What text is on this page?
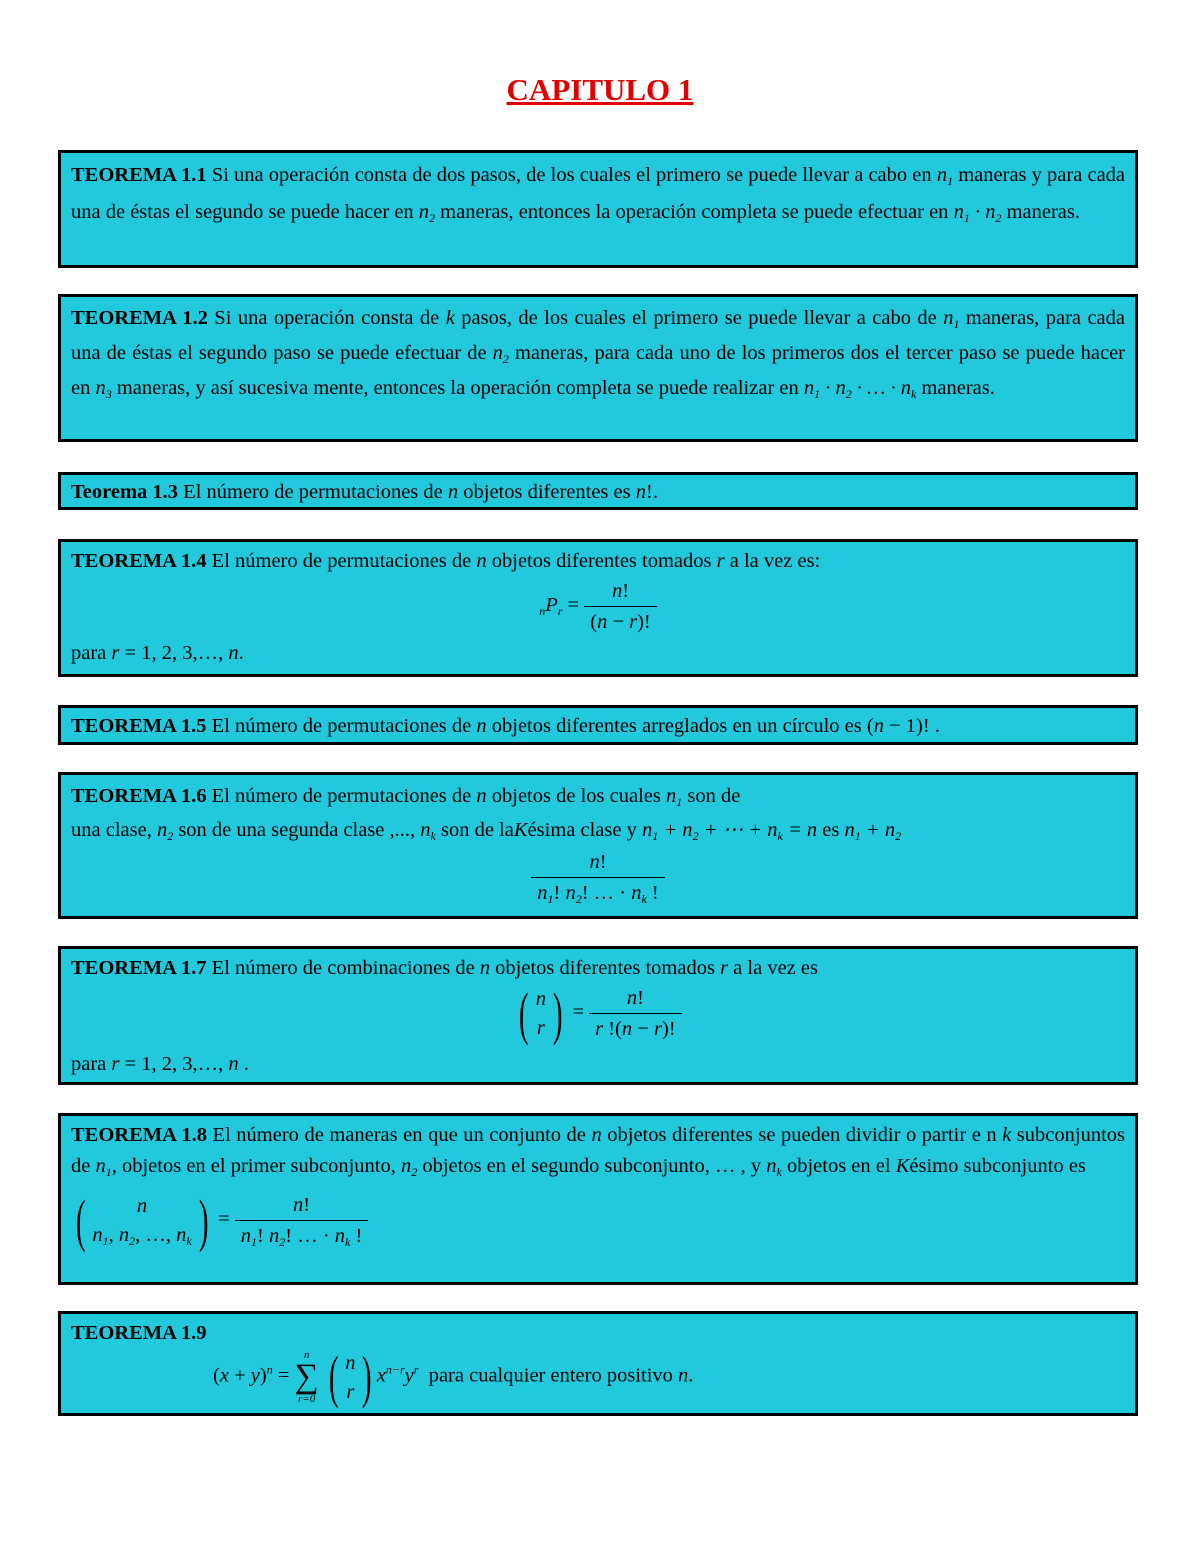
CAPITULO 1
TEOREMA 1.1 Si una operación consta de dos pasos, de los cuales el primero se puede llevar a cabo en $n_1$ maneras y para cada una de éstas el segundo se puede hacer en $n_2$ maneras, entonces la operación completa se puede efectuar en $n_1 \cdot n_2$ maneras.
TEOREMA 1.2 Si una operación consta de k pasos, de los cuales el primero se puede llevar a cabo de $n_1$ maneras, para cada una de éstas el segundo paso se puede efectuar de $n_2$ maneras, para cada uno de los primeros dos el tercer paso se puede hacer en $n_3$ maneras, y así sucesiva mente, entonces la operación completa se puede realizar en $n_1 \cdot n_2$ · … · $n_k$ maneras.
Teorema 1.3 El número de permutaciones de n objetos diferentes es n!.
TEOREMA 1.4 El número de permutaciones de n objetos diferentes tomados r a la vez es:
$_nP_r = \frac{n!}{(n - r)!}$
para r = 1, 2, 3,…, n.
TEOREMA 1.5 El número de permutaciones de n objetos diferentes arreglados en un círculo es (n − 1)! .
TEOREMA 1.6 El número de permutaciones de n objetos de los cuales $n_1$ son de
una clase, $n_2$ son de una segunda clase ,..., $n_k$ son de laKésima clase y $n_1 + n_2$ + ⋯ + $n_k = n$ es $n_1 + n_2$
$\frac{n!}{n_1! n_2! \dots \cdot n_k !}$
TEOREMA 1.7 El número de combinaciones de n objetos diferentes tomados r a la vez es
( n
r ) = $\frac{n!}{r !(n - r)!}$
para r = 1, 2, 3,…, n .
TEOREMA 1.8 El número de maneras en que un conjunto de n objetos diferentes se pueden dividir o partir e n k subconjuntos de $n_1$, objetos en el primer subconjunto, $n_2$ objetos en el segundo subconjunto, … , y $n_k$ objetos en el Késimo subconjunto es
(	n
$n_1$, $n_2$, …, $n_k$ ) = $\frac{n!}{n_1! n_2! \dots \cdot n_k !}$
TEOREMA 1.9
$(x + y)^n$ =
n
∑
r=0
( n
r ) $x^{n-r}y^r$ para cualquier entero positivo n.
